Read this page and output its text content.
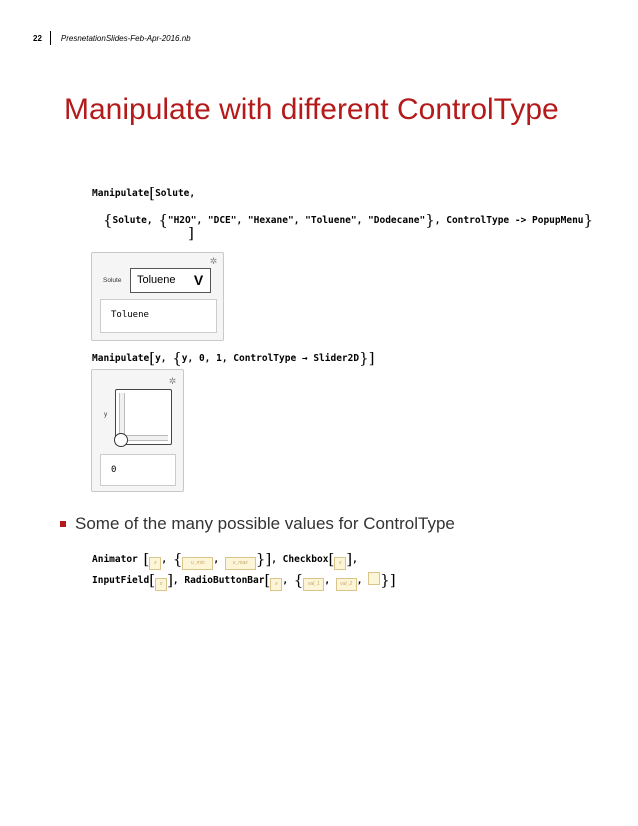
22 PresnetationSlides-Feb-Apr-2016.nb
Manipulate with different ControlType
Manipulate[Solute,
{Solute, {"H2O", "DCE", "Hexane", "Toluene", "Dodecane"}, ControlType -> PopupMenu}
]
✲
Solute Toluene V
Toluene
Manipulate[y, {y, 0, 1, ControlType → Slider2D}]
✲
y
0
Some of the many possible values for ControlType
Animator [ x , { u_min , u_max }], Checkbox[ x ],
InputField[ x ], RadioButtonBar[ x , { val_1 , val_2 , }]
